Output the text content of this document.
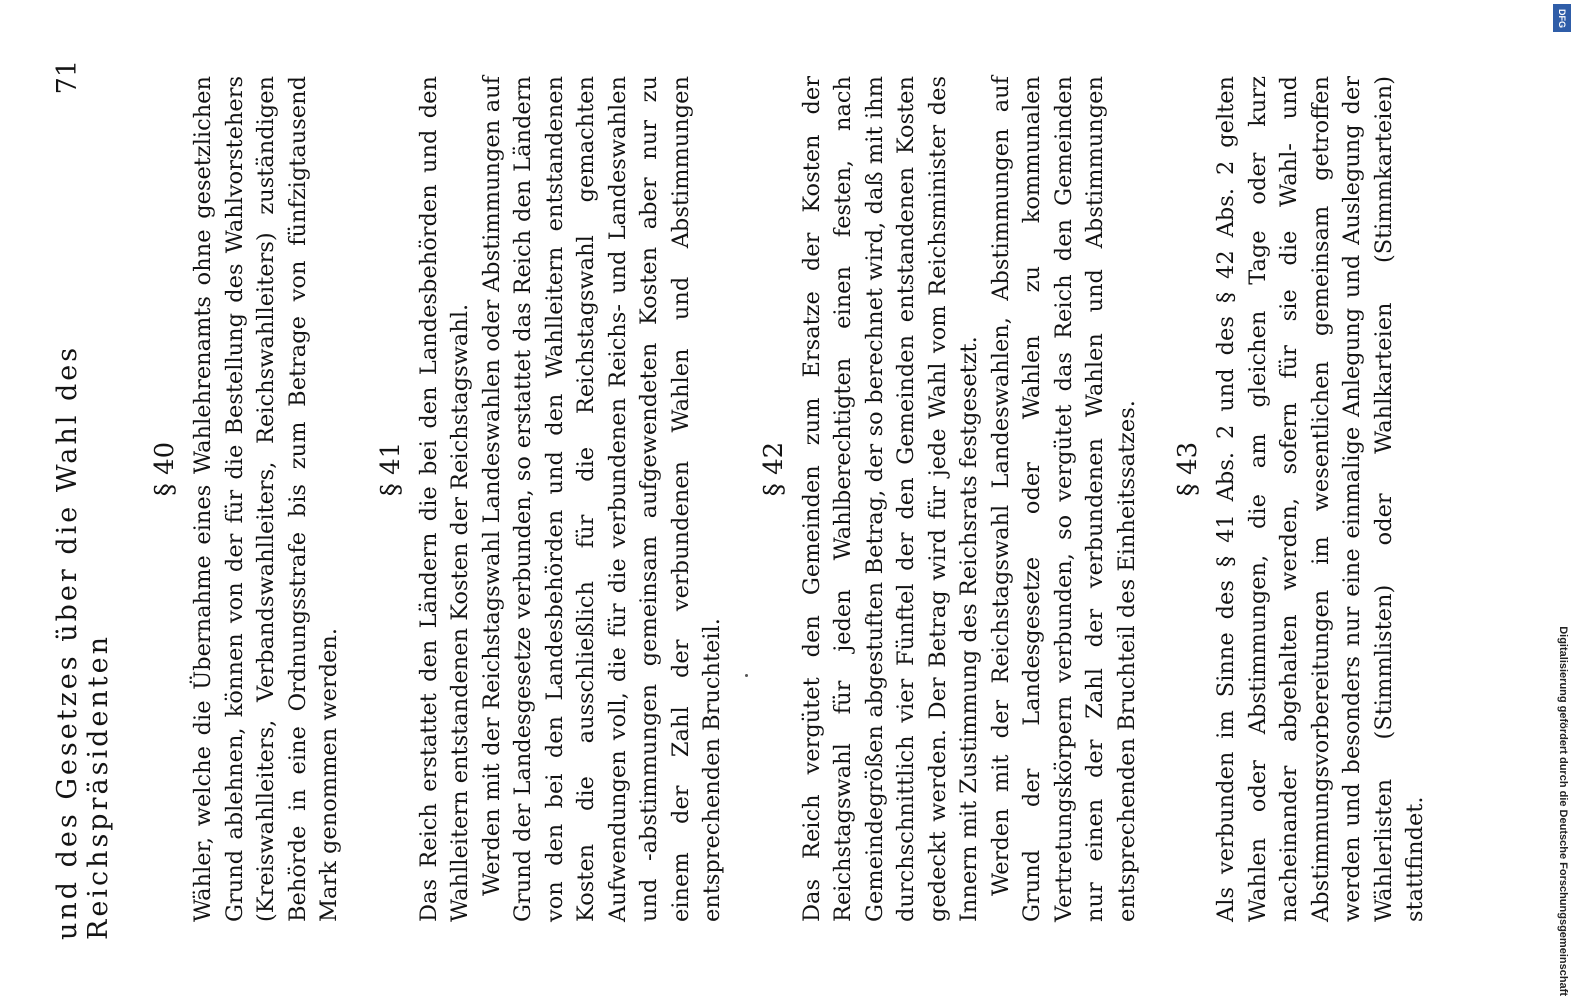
und des Gesetzes über die Wahl des Reichspräsidenten
71
§ 40 Wähler, welche die Übernahme eines Wahlehrenamts ohne gesetzlichen Grund ablehnen, können von der für die Bestellung des Wahlvorstehers (Kreiswahlleiters, Verbandswahlleiters, Reichswahlleiters) zuständigen Behörde in eine Ordnungsstrafe bis zum Betrage von fünfzigtausend Mark genommen werden.

§ 41 Das Reich erstattet den Ländern die bei den Landesbehörden und den Wahlleitern entstandenen Kosten der Reichstagswahl. Werden mit der Reichstagswahl Landeswahlen oder Abstimmungen auf Grund der Landesgesetze verbunden, so erstattet das Reich den Ländern von den bei den Landesbehörden und den Wahlleitern entstandenen Kosten die ausschließlich für die Reichstagswahl gemachten Aufwendungen voll, die für die verbundenen Reichs- und Landeswahlen und -abstimmungen gemeinsam aufgewendeten Kosten aber nur zu einem der Zahl der verbundenen Wahlen und Abstimmungen entsprechenden Bruchteil.

§ 42 Das Reich vergütet den Gemeinden zum Ersatze der Kosten der Reichstagswahl für jeden Wahlberechtigten einen festen, nach Gemeindegrößen abgestuften Betrag, der so berechnet wird, daß mit ihm durchschnittlich vier Fünftel der den Gemeinden entstandenen Kosten gedeckt werden. Der Betrag wird für jede Wahl vom Reichsminister des Innern mit Zustimmung des Reichsrats festgesetzt. Werden mit der Reichstagswahl Landeswahlen, Abstimmungen auf Grund der Landesgesetze oder Wahlen zu kommunalen Vertretungskörpern verbunden, so vergütet das Reich den Gemeinden nur einen der Zahl der verbundenen Wahlen und Abstimmungen entsprechenden Bruchteil des Einheitssatzes. § 43 Als verbunden im Sinne des § 41 Abs. 2 und des § 42 Abs. 2 gelten Wahlen oder Abstimmungen, die am gleichen Tage oder kurz nacheinander abgehalten werden, sofern für sie die Wahl- und Abstimmungsvorbereitungen im wesentlichen gemeinsam getroffen werden und besonders nur eine einmalige Anlegung und Auslegung der Wählerlisten (Stimmlisten) oder Wahlkarteien (Stimmkarteien) stattfindet.	Digitalisierung gefördert durch die Deutsche Forschungsgemeinschaft
DFG
